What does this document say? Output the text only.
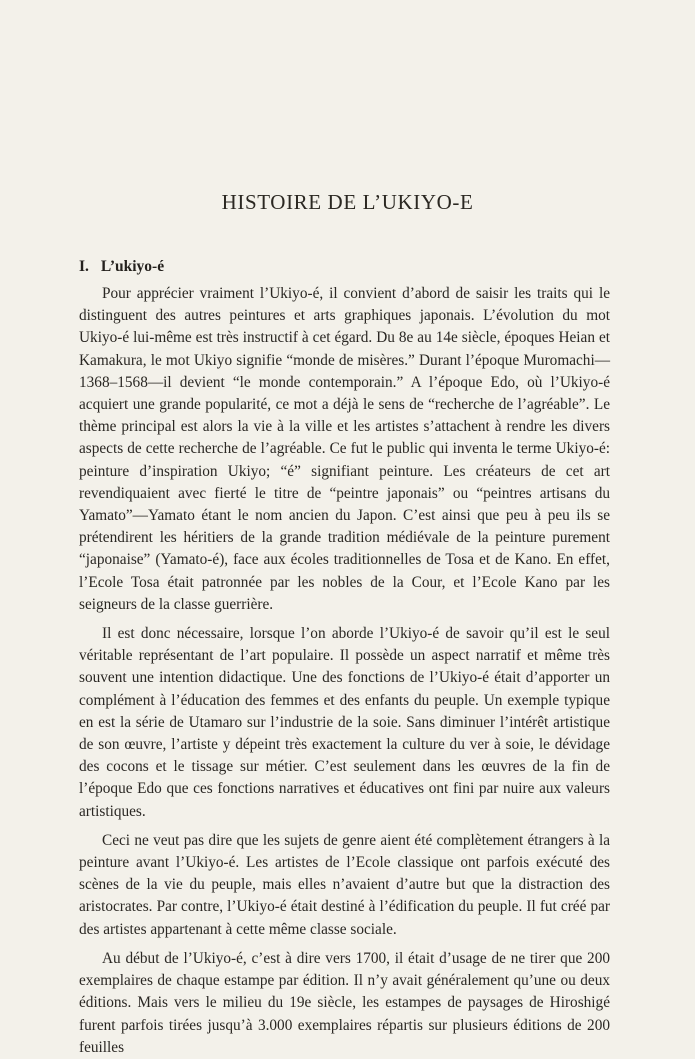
HISTOIRE DE L’UKIYO-E
I. L’ukiyo-é

Pour apprécier vraiment l’Ukiyo-é, il convient d’abord de saisir les traits qui le distinguent des autres peintures et arts graphiques japonais. L’évolution du mot Ukiyo-é lui-même est très instructif à cet égard. Du 8e au 14e siècle, époques Heian et Kamakura, le mot Ukiyo signifie “monde de misères.” Durant l’époque Muromachi—1368–1568—il devient “le monde contemporain.” A l’époque Edo, où l’Ukiyo-é acquiert une grande popularité, ce mot a déjà le sens de “recherche de l’agréable”. Le thème principal est alors la vie à la ville et les artistes s’attachent à rendre les divers aspects de cette recherche de l’agréable. Ce fut le public qui inventa le terme Ukiyo-é: peinture d’inspiration Ukiyo; “é” signifiant peinture. Les créateurs de cet art revendiquaient avec fierté le titre de “peintre japonais” ou “peintres artisans du Yamato”—Yamato étant le nom ancien du Japon. C’est ainsi que peu à peu ils se prétendirent les héritiers de la grande tradition médiévale de la peinture purement “japonaise” (Yamato-é), face aux écoles traditionnelles de Tosa et de Kano. En effet, l’Ecole Tosa était patronnée par les nobles de la Cour, et l’Ecole Kano par les seigneurs de la classe guerrière.

Il est donc nécessaire, lorsque l’on aborde l’Ukiyo-é de savoir qu’il est le seul véritable représentant de l’art populaire. Il possède un aspect narratif et même très souvent une intention didactique. Une des fonctions de l’Ukiyo-é était d’apporter un complément à l’éducation des femmes et des enfants du peuple. Un exemple typique en est la série de Utamaro sur l’industrie de la soie. Sans diminuer l’intérêt artistique de son œuvre, l’artiste y dépeint très exactement la culture du ver à soie, le dévidage des cocons et le tissage sur métier. C’est seulement dans les œuvres de la fin de l’époque Edo que ces fonctions narratives et éducatives ont fini par nuire aux valeurs artistiques.

Ceci ne veut pas dire que les sujets de genre aient été complètement étrangers à la peinture avant l’Ukiyo-é. Les artistes de l’Ecole classique ont parfois exécuté des scènes de la vie du peuple, mais elles n’avaient d’autre but que la distraction des aristocrates. Par contre, l’Ukiyo-é était destiné à l’édification du peuple. Il fut créé par des artistes appartenant à cette même classe sociale.

Au début de l’Ukiyo-é, c’est à dire vers 1700, il était d’usage de ne tirer que 200 exemplaires de chaque estampe par édition. Il n’y avait généralement qu’une ou deux éditions. Mais vers le milieu du 19e siècle, les estampes de paysages de Hiroshigé furent parfois tirées jusqu’à 3.000 exemplaires répartis sur plusieurs éditions de 200 feuilles
